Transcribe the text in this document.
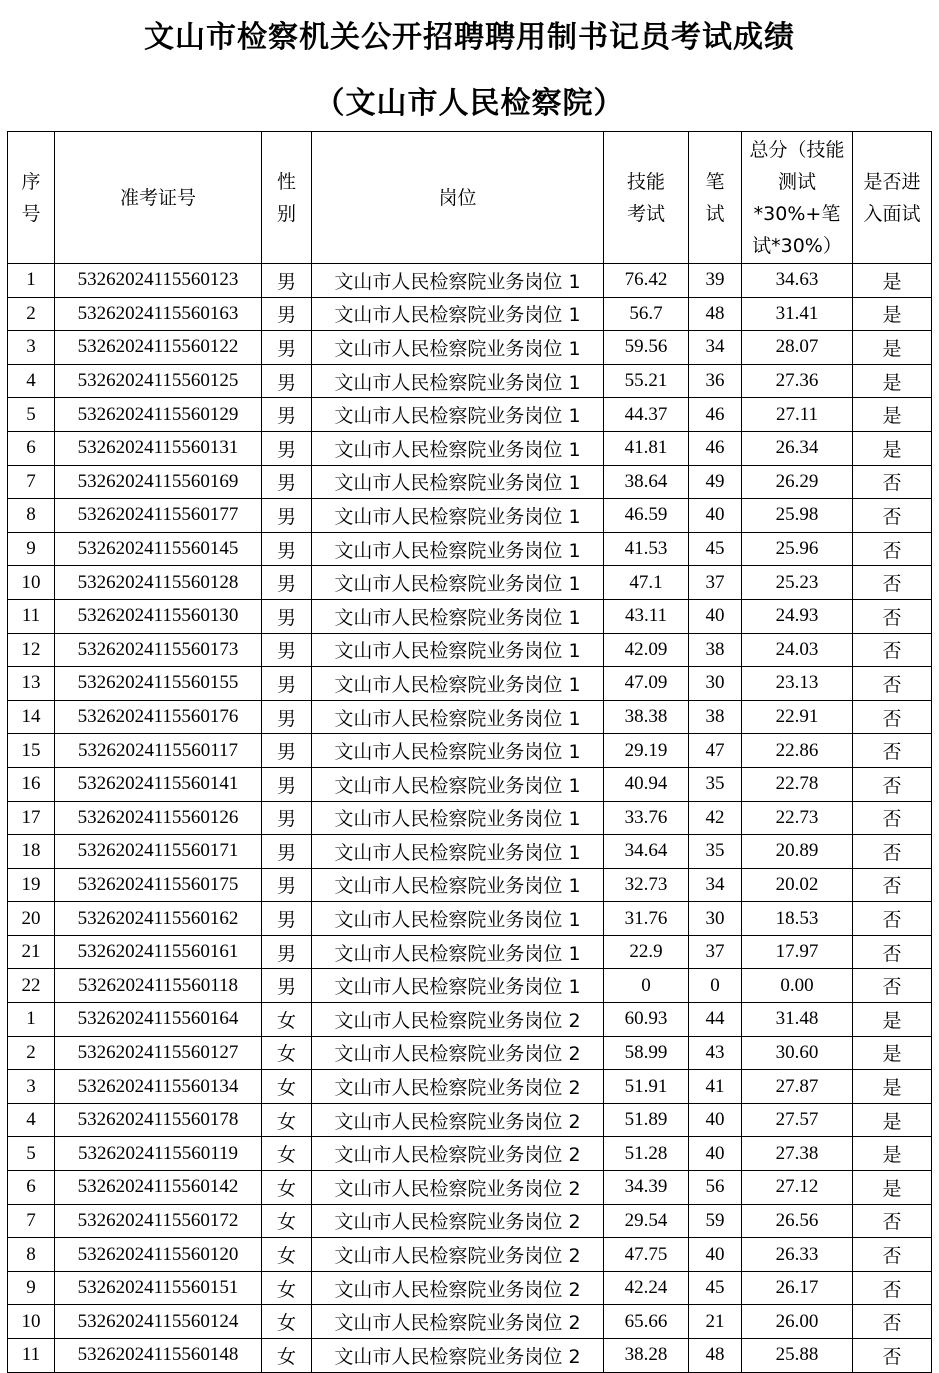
文山市检察机关公开招聘聘用制书记员考试成绩
（文山市人民检察院）
序号	准考证号	性别	岗位	技能考试	笔试	总分（技能测试*30%+笔试*30%）	是否进入面试
1	53262024115560123	男	文山市人民检察院业务岗位 1	76.42	39	34.63	是
2	53262024115560163	男	文山市人民检察院业务岗位 1	56.7	48	31.41	是
3	53262024115560122	男	文山市人民检察院业务岗位 1	59.56	34	28.07	是
4	53262024115560125	男	文山市人民检察院业务岗位 1	55.21	36	27.36	是
5	53262024115560129	男	文山市人民检察院业务岗位 1	44.37	46	27.11	是
6	53262024115560131	男	文山市人民检察院业务岗位 1	41.81	46	26.34	是
7	53262024115560169	男	文山市人民检察院业务岗位 1	38.64	49	26.29	否
8	53262024115560177	男	文山市人民检察院业务岗位 1	46.59	40	25.98	否
9	53262024115560145	男	文山市人民检察院业务岗位 1	41.53	45	25.96	否
10	53262024115560128	男	文山市人民检察院业务岗位 1	47.1	37	25.23	否
11	53262024115560130	男	文山市人民检察院业务岗位 1	43.11	40	24.93	否
12	53262024115560173	男	文山市人民检察院业务岗位 1	42.09	38	24.03	否
13	53262024115560155	男	文山市人民检察院业务岗位 1	47.09	30	23.13	否
14	53262024115560176	男	文山市人民检察院业务岗位 1	38.38	38	22.91	否
15	53262024115560117	男	文山市人民检察院业务岗位 1	29.19	47	22.86	否
16	53262024115560141	男	文山市人民检察院业务岗位 1	40.94	35	22.78	否
17	53262024115560126	男	文山市人民检察院业务岗位 1	33.76	42	22.73	否
18	53262024115560171	男	文山市人民检察院业务岗位 1	34.64	35	20.89	否
19	53262024115560175	男	文山市人民检察院业务岗位 1	32.73	34	20.02	否
20	53262024115560162	男	文山市人民检察院业务岗位 1	31.76	30	18.53	否
21	53262024115560161	男	文山市人民检察院业务岗位 1	22.9	37	17.97	否
22	53262024115560118	男	文山市人民检察院业务岗位 1	0	0	0.00	否
1	53262024115560164	女	文山市人民检察院业务岗位 2	60.93	44	31.48	是
2	53262024115560127	女	文山市人民检察院业务岗位 2	58.99	43	30.60	是
3	53262024115560134	女	文山市人民检察院业务岗位 2	51.91	41	27.87	是
4	53262024115560178	女	文山市人民检察院业务岗位 2	51.89	40	27.57	是
5	53262024115560119	女	文山市人民检察院业务岗位 2	51.28	40	27.38	是
6	53262024115560142	女	文山市人民检察院业务岗位 2	34.39	56	27.12	是
7	53262024115560172	女	文山市人民检察院业务岗位 2	29.54	59	26.56	否
8	53262024115560120	女	文山市人民检察院业务岗位 2	47.75	40	26.33	否
9	53262024115560151	女	文山市人民检察院业务岗位 2	42.24	45	26.17	否
10	53262024115560124	女	文山市人民检察院业务岗位 2	65.66	21	26.00	否
11	53262024115560148	女	文山市人民检察院业务岗位 2	38.28	48	25.88	否
